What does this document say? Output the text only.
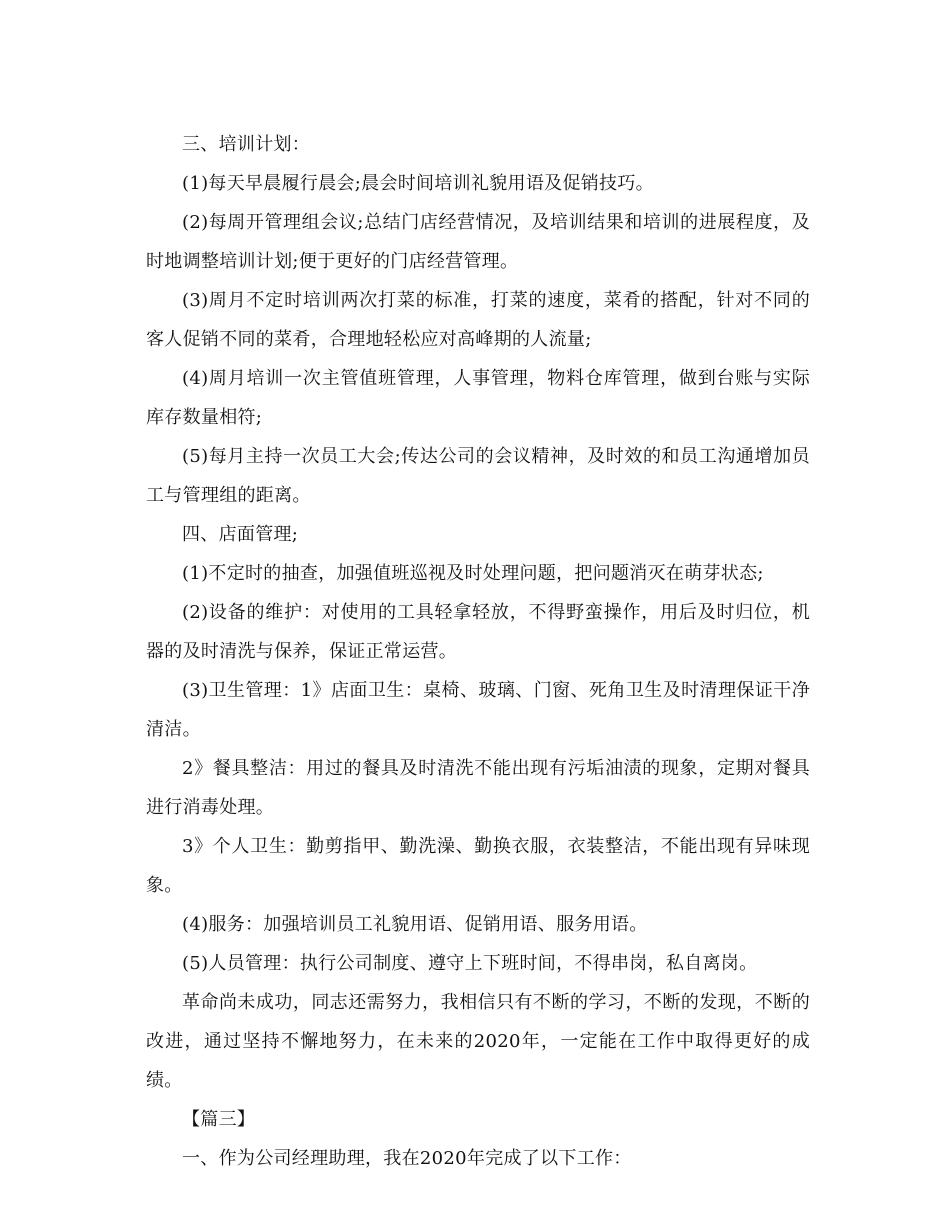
三、培训计划：

(1)每天早晨履行晨会;晨会时间培训礼貌用语及促销技巧。

(2)每周开管理组会议;总结门店经营情况，及培训结果和培训的进展程度，及时地调整培训计划;便于更好的门店经营管理。

(3)周月不定时培训两次打菜的标准，打菜的速度，菜肴的搭配，针对不同的客人促销不同的菜肴，合理地轻松应对高峰期的人流量;

(4)周月培训一次主管值班管理，人事管理，物料仓库管理，做到台账与实际库存数量相符;

(5)每月主持一次员工大会;传达公司的会议精神，及时效的和员工沟通增加员工与管理组的距离。

四、店面管理;

(1)不定时的抽查，加强值班巡视及时处理问题，把问题消灭在萌芽状态;

(2)设备的维护：对使用的工具轻拿轻放，不得野蛮操作，用后及时归位，机器的及时清洗与保养，保证正常运营。

(3)卫生管理：1》店面卫生：桌椅、玻璃、门窗、死角卫生及时清理保证干净清洁。

2》餐具整洁：用过的餐具及时清洗不能出现有污垢油渍的现象，定期对餐具进行消毒处理。

3》个人卫生：勤剪指甲、勤洗澡、勤换衣服，衣装整洁，不能出现有异味现象。

(4)服务：加强培训员工礼貌用语、促销用语、服务用语。

(5)人员管理：执行公司制度、遵守上下班时间，不得串岗，私自离岗。

革命尚未成功，同志还需努力，我相信只有不断的学习，不断的发现，不断的改进，通过坚持不懈地努力，在未来的2020年，一定能在工作中取得更好的成绩。

【篇三】

一、作为公司经理助理，我在2020年完成了以下工作：
